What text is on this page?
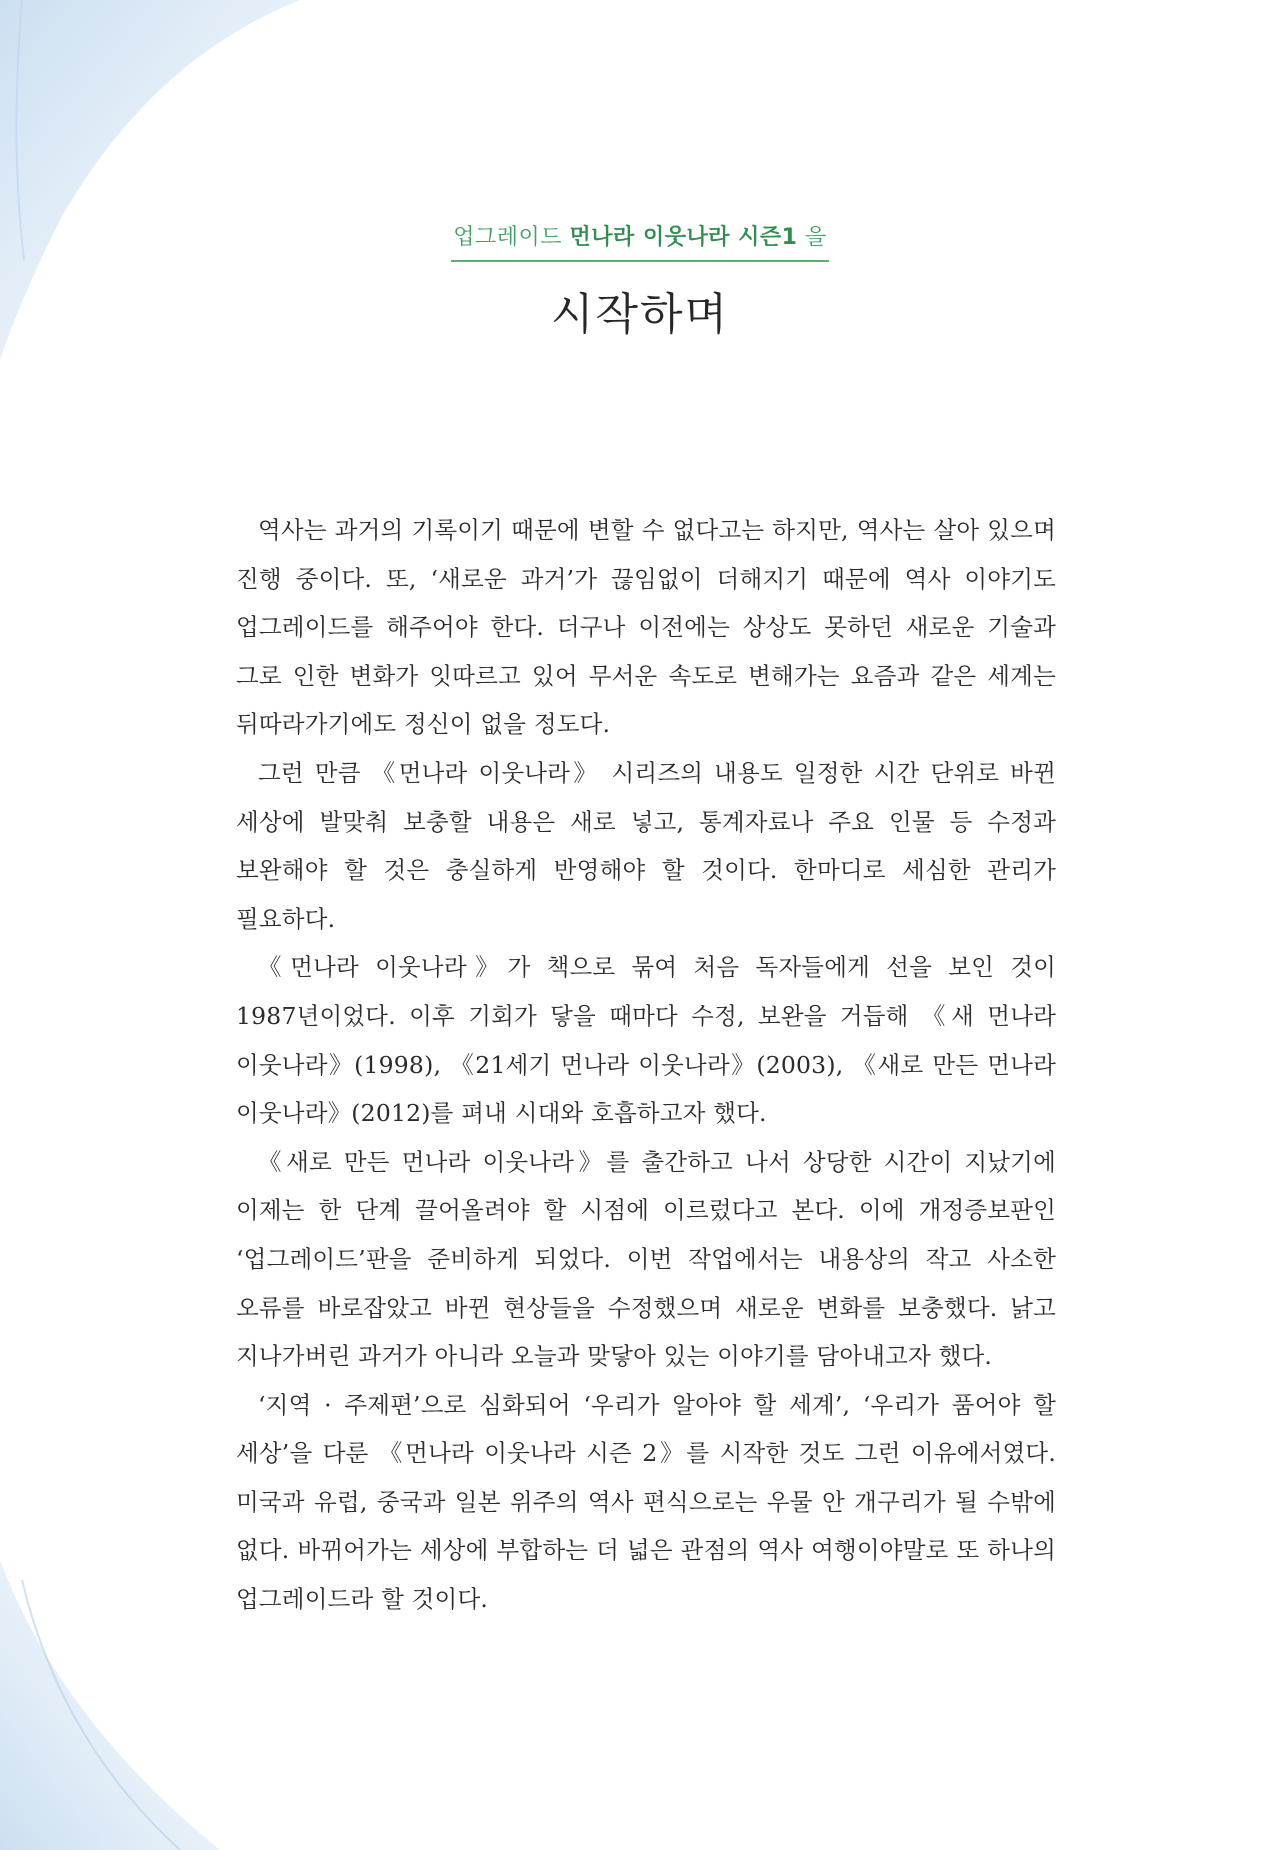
업그레이드 먼나라 이웃나라 시즌1 을
시작하며

역사는 과거의 기록이기 때문에 변할 수 없다고는 하지만, 역사는 살아 있으며 진행 중이다. 또, ‘새로운 과거’가 끊임없이 더해지기 때문에 역사 이야기도 업그레이드를 해주어야 한다. 더구나 이전에는 상상도 못하던 새로운 기술과 그로 인한 변화가 잇따르고 있어 무서운 속도로 변해가는 요즘과 같은 세계는 뒤따라가기에도 정신이 없을 정도다.

그런 만큼 《먼나라 이웃나라》 시리즈의 내용도 일정한 시간 단위로 바뀐 세상에 발맞춰 보충할 내용은 새로 넣고, 통계자료나 주요 인물 등 수정과 보완해야 할 것은 충실하게 반영해야 할 것이다. 한마디로 세심한 관리가 필요하다.

《먼나라 이웃나라》가 책으로 묶여 처음 독자들에게 선을 보인 것이 1987년이었다. 이후 기회가 닿을 때마다 수정, 보완을 거듭해 《새 먼나라 이웃나라》(1998), 《21세기 먼나라 이웃나라》(2003), 《새로 만든 먼나라 이웃나라》(2012)를 펴내 시대와 호흡하고자 했다.

《새로 만든 먼나라 이웃나라》를 출간하고 나서 상당한 시간이 지났기에 이제는 한 단계 끌어올려야 할 시점에 이르렀다고 본다. 이에 개정증보판인 ‘업그레이드’판을 준비하게 되었다. 이번 작업에서는 내용상의 작고 사소한 오류를 바로잡았고 바뀐 현상들을 수정했으며 새로운 변화를 보충했다. 낡고 지나가버린 과거가 아니라 오늘과 맞닿아 있는 이야기를 담아내고자 했다.

‘지역 · 주제편’으로 심화되어 ‘우리가 알아야 할 세계’, ‘우리가 품어야 할 세상’을 다룬 《먼나라 이웃나라 시즌 2》를 시작한 것도 그런 이유에서였다. 미국과 유럽, 중국과 일본 위주의 역사 편식으로는 우물 안 개구리가 될 수밖에 없다. 바뀌어가는 세상에 부합하는 더 넓은 관점의 역사 여행이야말로 또 하나의 업그레이드라 할 것이다.
